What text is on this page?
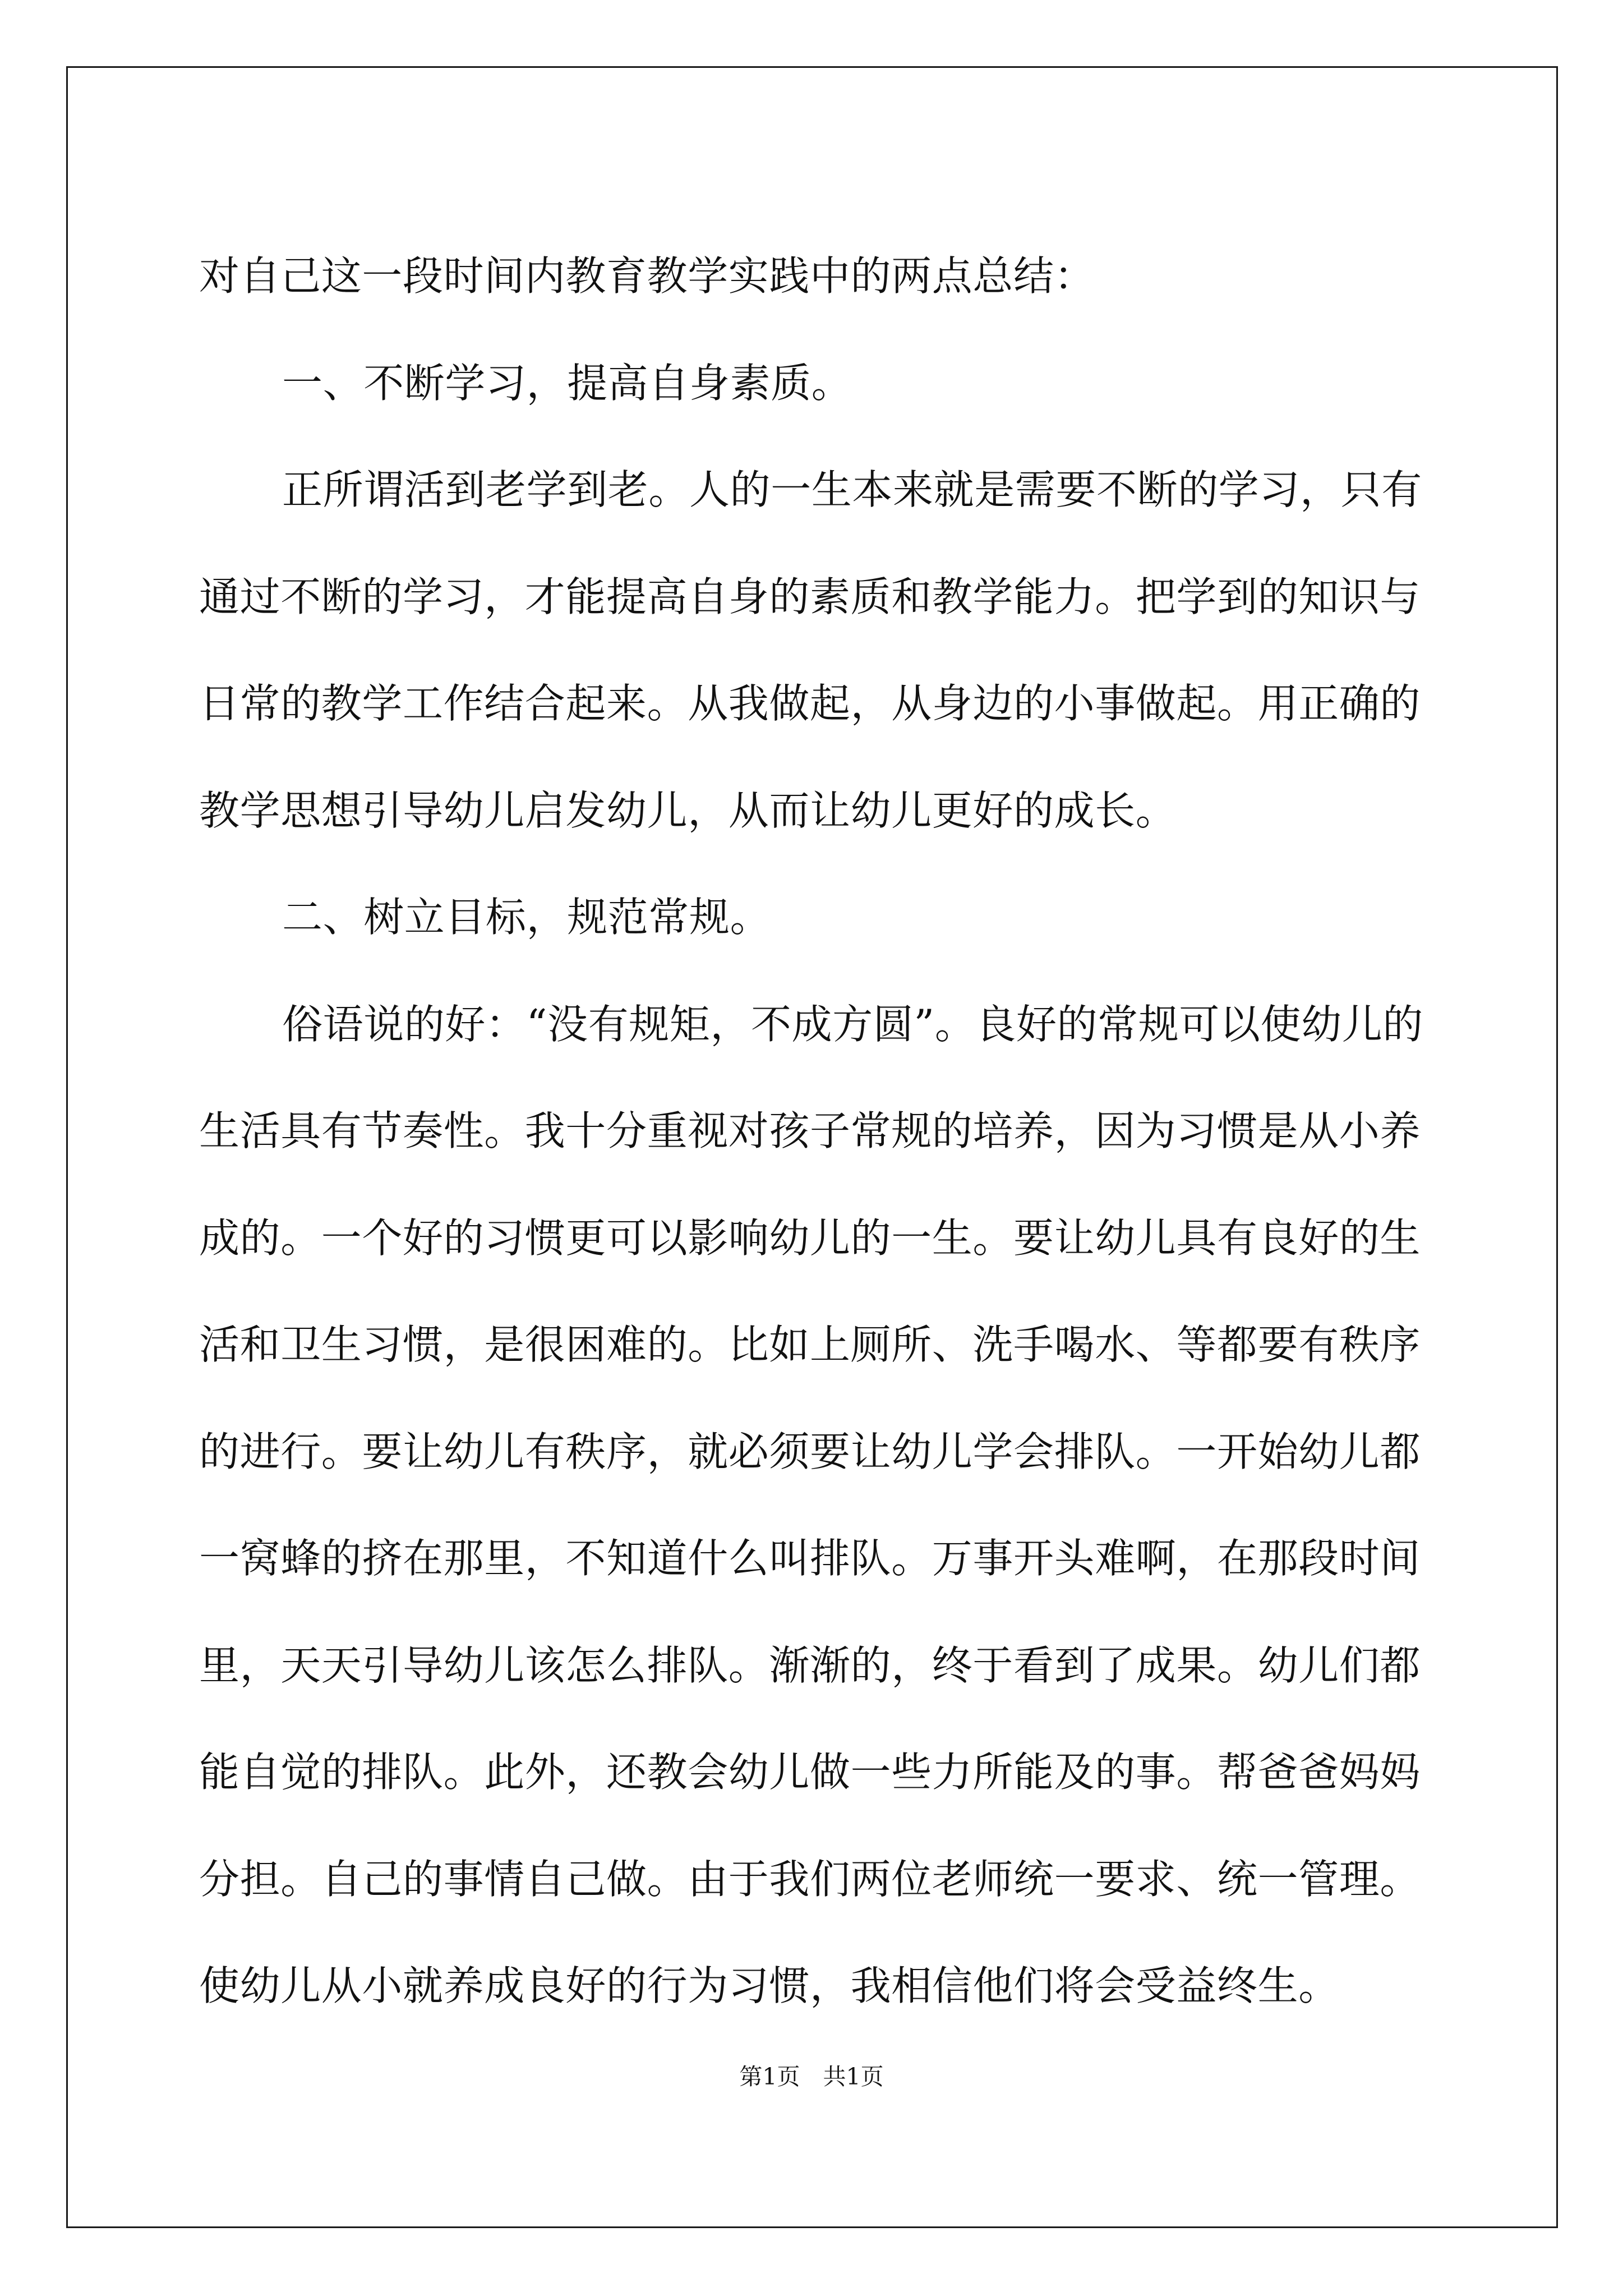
对自己这一段时间内教育教学实践中的两点总结：

一、不断学习，提高自身素质。

正所谓活到老学到老。人的一生本来就是需要不断的学习，只有
通过不断的学习，才能提高自身的素质和教学能力。把学到的知识与
日常的教学工作结合起来。从我做起，从身边的小事做起。用正确的
教学思想引导幼儿启发幼儿，从而让幼儿更好的成长。

二、树立目标，规范常规。

俗语说的好：“没有规矩，不成方圆”。良好的常规可以使幼儿的
生活具有节奏性。我十分重视对孩子常规的培养，因为习惯是从小养
成的。一个好的习惯更可以影响幼儿的一生。要让幼儿具有良好的生
活和卫生习惯，是很困难的。比如上厕所、洗手喝水、等都要有秩序
的进行。要让幼儿有秩序，就必须要让幼儿学会排队。一开始幼儿都
一窝蜂的挤在那里，不知道什么叫排队。万事开头难啊，在那段时间
里，天天引导幼儿该怎么排队。渐渐的，终于看到了成果。幼儿们都
能自觉的排队。此外，还教会幼儿做一些力所能及的事。帮爸爸妈妈
分担。自己的事情自己做。由于我们两位老师统一要求、统一管理。
使幼儿从小就养成良好的行为习惯，我相信他们将会受益终生。

第1页　共1页
